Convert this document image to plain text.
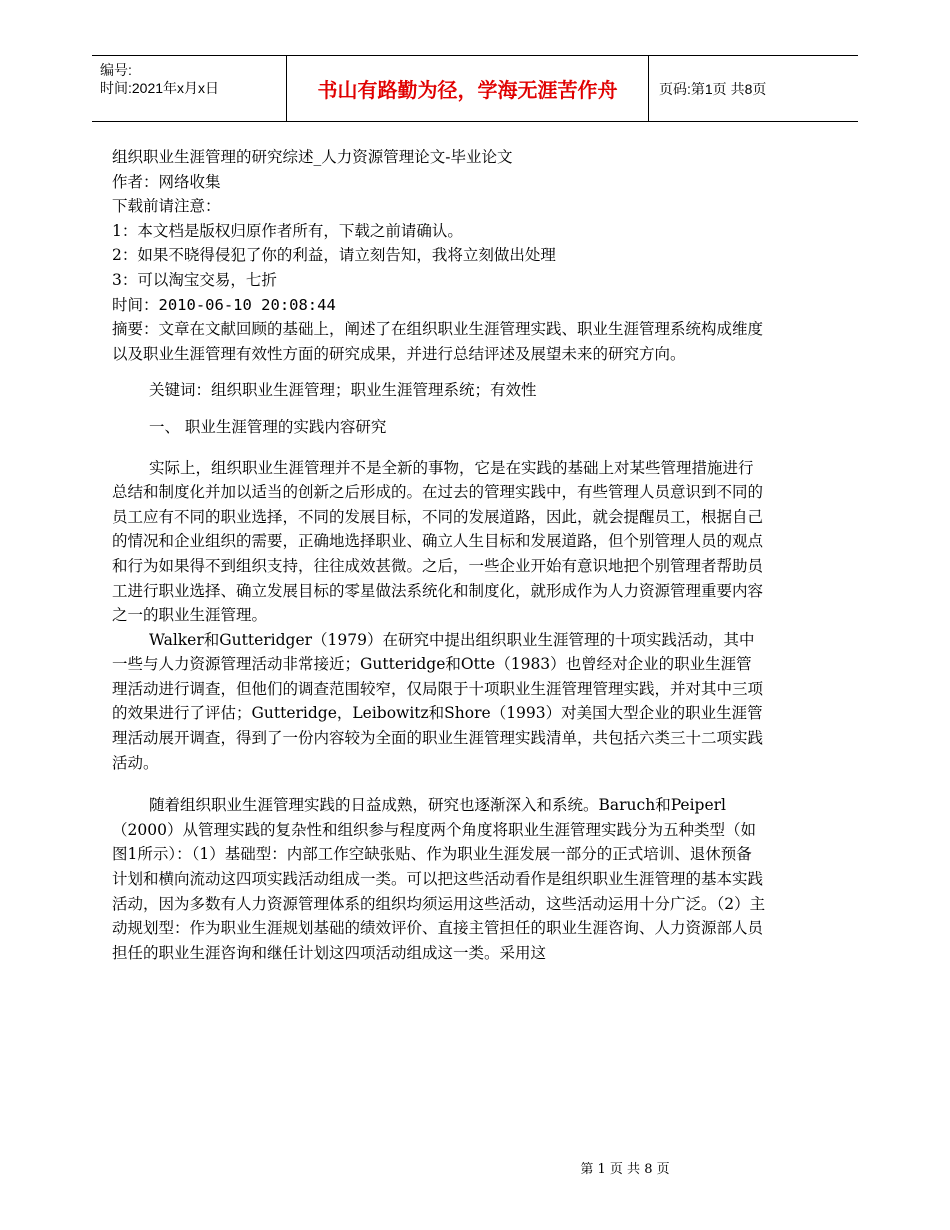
编号:
时间:2021年x月x日	书山有路勤为径，学海无涯苦作舟	页码:第1页 共8页

组织职业生涯管理的研究综述_人力资源管理论文-毕业论文

作者：网络收集

下载前请注意：

1：本文档是版权归原作者所有，下载之前请确认。

2：如果不晓得侵犯了你的利益，请立刻告知，我将立刻做出处理

3：可以淘宝交易，七折

时间：2010-06-10 20:08:44

摘要：文章在文献回顾的基础上，阐述了在组织职业生涯管理实践、职业生涯管理系统构成维度以及职业生涯管理有效性方面的研究成果，并进行总结评述及展望未来的研究方向。

关键词：组织职业生涯管理；职业生涯管理系统；有效性

一、 职业生涯管理的实践内容研究

实际上，组织职业生涯管理并不是全新的事物，它是在实践的基础上对某些管理措施进行总结和制度化并加以适当的创新之后形成的。在过去的管理实践中，有些管理人员意识到不同的员工应有不同的职业选择，不同的发展目标，不同的发展道路，因此，就会提醒员工，根据自己的情况和企业组织的需要，正确地选择职业、确立人生目标和发展道路，但个别管理人员的观点和行为如果得不到组织支持，往往成效甚微。之后，一些企业开始有意识地把个别管理者帮助员工进行职业选择、确立发展目标的零星做法系统化和制度化，就形成作为人力资源管理重要内容之一的职业生涯管理。

Walker和Gutteridger（1979）在研究中提出组织职业生涯管理的十项实践活动，其中一些与人力资源管理活动非常接近；Gutteridge和Otte（1983）也曾经对企业的职业生涯管理活动进行调查，但他们的调查范围较窄，仅局限于十项职业生涯管理管理实践，并对其中三项的效果进行了评估；Gutteridge，Leibowitz和Shore（1993）对美国大型企业的职业生涯管理活动展开调查，得到了一份内容较为全面的职业生涯管理实践清单，共包括六类三十二项实践活动。

随着组织职业生涯管理实践的日益成熟，研究也逐渐深入和系统。Baruch和Peiperl（2000）从管理实践的复杂性和组织参与程度两个角度将职业生涯管理实践分为五种类型（如图1所示）：（1）基础型：内部工作空缺张贴、作为职业生涯发展一部分的正式培训、退休预备计划和横向流动这四项实践活动组成一类。可以把这些活动看作是组织职业生涯管理的基本实践活动，因为多数有人力资源管理体系的组织均须运用这些活动，这些活动运用十分广泛。（2）主动规划型：作为职业生涯规划基础的绩效评价、直接主管担任的职业生涯咨询、人力资源部人员担任的职业生涯咨询和继任计划这四项活动组成这一类。采用这

第 1 页 共 8 页
